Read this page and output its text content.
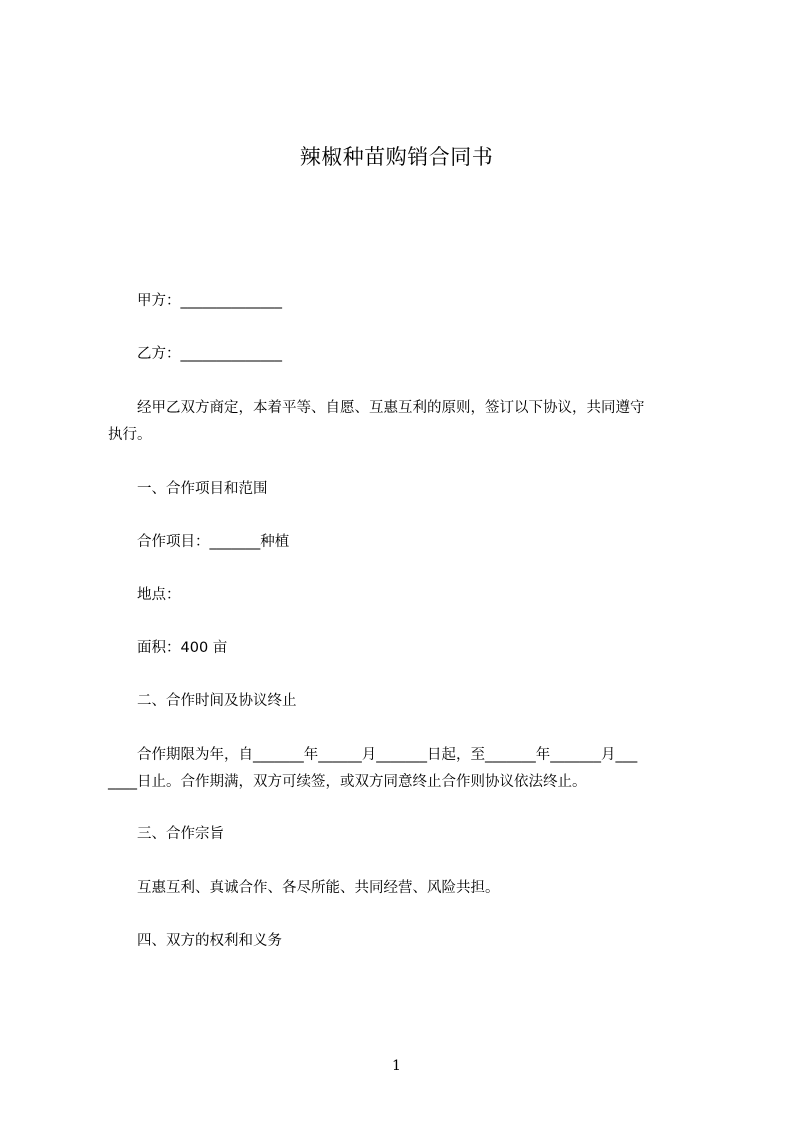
辣椒种苗购销合同书
甲方：______________
乙方：______________
经甲乙双方商定，本着平等、自愿、互惠互利的原则，签订以下协议，共同遵守
执行。
一、合作项目和范围
合作项目：_______种植
地点：
面积：400 亩
二、合作时间及协议终止
合作期限为年，自_______年______月_______日起，至_______年_______月___
____日止。合作期满，双方可续签，或双方同意终止合作则协议依法终止。
三、合作宗旨
互惠互利、真诚合作、各尽所能、共同经营、风险共担。
四、双方的权利和义务
1
